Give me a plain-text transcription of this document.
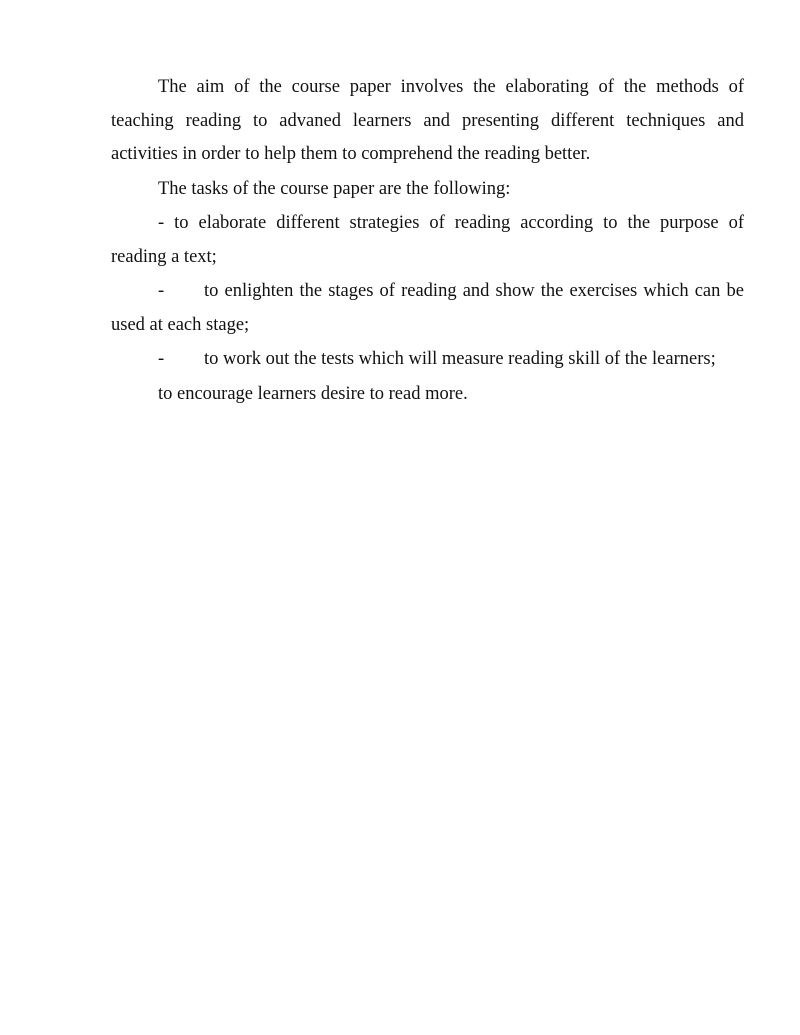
The aim of the course paper involves the elaborating of the methods of teaching reading to advaned learners and presenting different techniques and activities in order to help them to comprehend the reading better.

The tasks of the course paper are the following:

- to elaborate different strategies of reading according to the purpose of reading a text;

- to enlighten the stages of reading and show the exercises which can be used at each stage;

- to work out the tests which will measure reading skill of the learners;

to encourage learners desire to read more.
